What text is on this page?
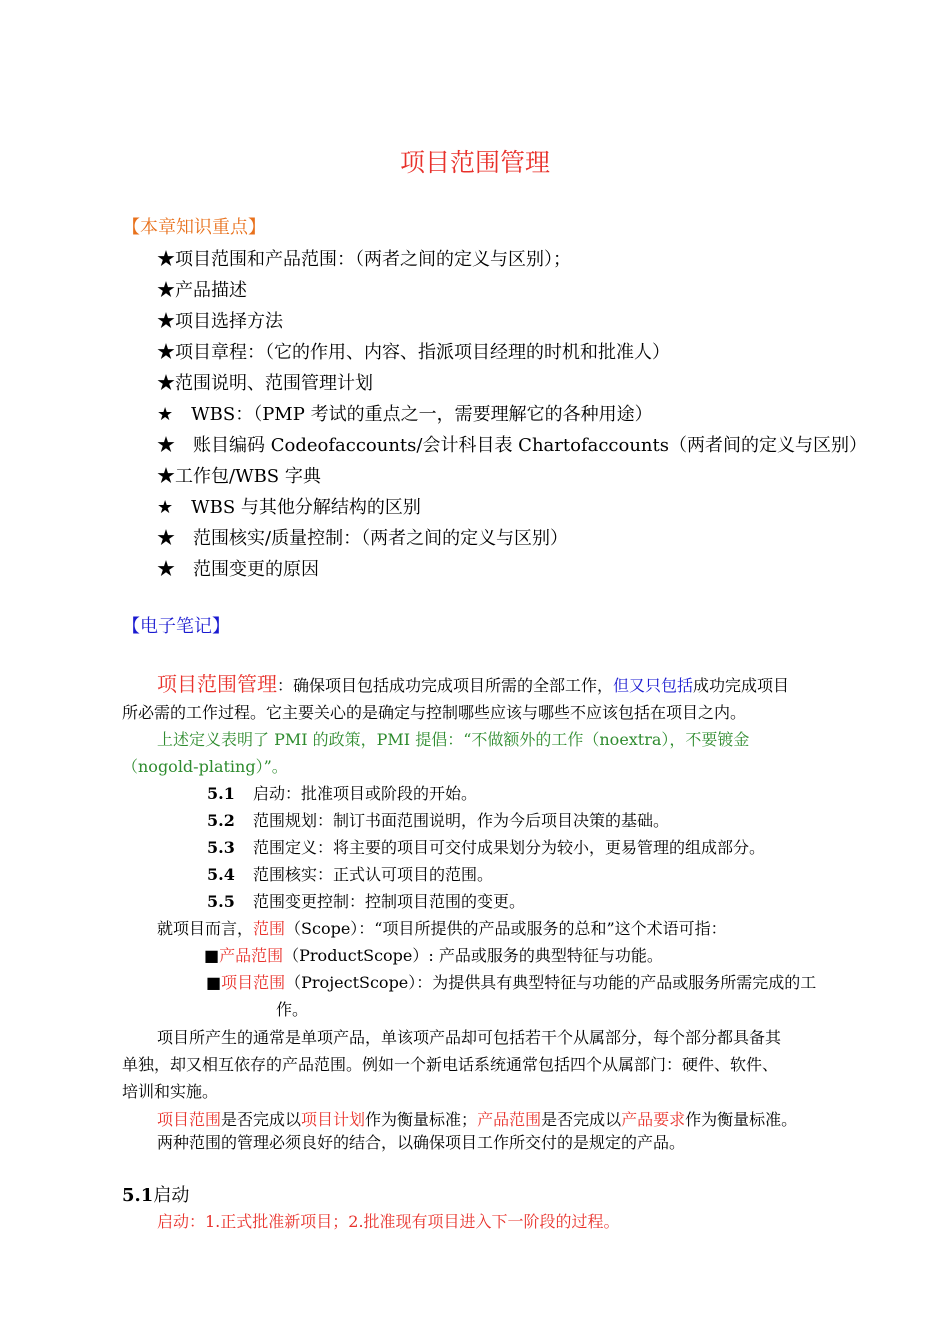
项目范围管理
【本章知识重点】
★项目范围和产品范围：（两者之间的定义与区别）；
★产品描述
★项目选择方法
★项目章程：（它的作用、内容、指派项目经理的时机和批准人）
★范围说明、范围管理计划
★　WBS：（PMP 考试的重点之一，需要理解它的各种用途）
★　账目编码 Codeofaccounts/会计科目表 Chartofaccounts（两者间的定义与区别）
★工作包/WBS 字典
★　WBS 与其他分解结构的区别
★　范围核实/质量控制：（两者之间的定义与区别）
★　范围变更的原因
【电子笔记】
项目范围管理：确保项目包括成功完成项目所需的全部工作，但又只包括成功完成项目
所必需的工作过程。它主要关心的是确定与控制哪些应该与哪些不应该包括在项目之内。
上述定义表明了 PMI 的政策，PMI 提倡：“不做额外的工作（noextra），不要镀金
（nogold-plating）”。
5.1 启动：批准项目或阶段的开始。
5.2 范围规划：制订书面范围说明，作为今后项目决策的基础。
5.3 范围定义：将主要的项目可交付成果划分为较小，更易管理的组成部分。
5.4 范围核实：正式认可项目的范围。
5.5 范围变更控制：控制项目范围的变更。
就项目而言，范围（Scope）：“项目所提供的产品或服务的总和”这个术语可指：
■产品范围（ProductScope）: 产品或服务的典型特征与功能。
■项目范围（ProjectScope）：为提供具有典型特征与功能的产品或服务所需完成的工
作。
项目所产生的通常是单项产品，单该项产品却可包括若干个从属部分，每个部分都具备其
单独，却又相互依存的产品范围。例如一个新电话系统通常包括四个从属部门：硬件、软件、
培训和实施。
项目范围是否完成以项目计划作为衡量标准；产品范围是否完成以产品要求作为衡量标准。
两种范围的管理必须良好的结合，以确保项目工作所交付的是规定的产品。
5.1启动
启动：1.正式批准新项目；2.批准现有项目进入下一阶段的过程。
